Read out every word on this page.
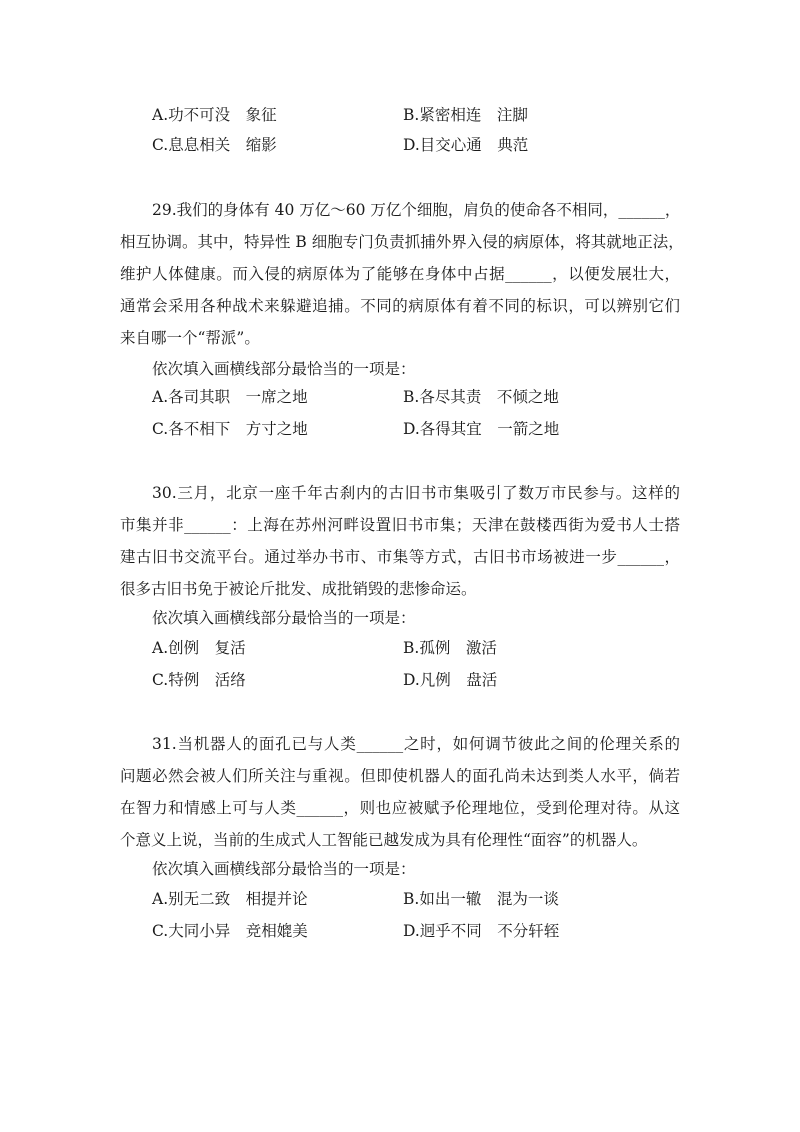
A.功不可没　象征	B.紧密相连　注脚
C.息息相关　缩影	D.目交心通　典范
29.我们的身体有 40 万亿～60 万亿个细胞，肩负的使命各不相同，______，
相互协调。其中，特异性 B 细胞专门负责抓捕外界入侵的病原体，将其就地正法，
维护人体健康。而入侵的病原体为了能够在身体中占据______，以便发展壮大，
通常会采用各种战术来躲避追捕。不同的病原体有着不同的标识，可以辨别它们
来自哪一个“帮派”。
依次填入画横线部分最恰当的一项是：
A.各司其职　一席之地	B.各尽其责　不倾之地
C.各不相下　方寸之地	D.各得其宜　一箭之地
30.三月，北京一座千年古刹内的古旧书市集吸引了数万市民参与。这样的
市集并非______：上海在苏州河畔设置旧书市集；天津在鼓楼西街为爱书人士搭
建古旧书交流平台。通过举办书市、市集等方式，古旧书市场被进一步______，
很多古旧书免于被论斤批发、成批销毁的悲惨命运。
依次填入画横线部分最恰当的一项是：
A.创例　复活	B.孤例　激活
C.特例　活络	D.凡例　盘活
31.当机器人的面孔已与人类______之时，如何调节彼此之间的伦理关系的
问题必然会被人们所关注与重视。但即使机器人的面孔尚未达到类人水平，倘若
在智力和情感上可与人类______，则也应被赋予伦理地位，受到伦理对待。从这
个意义上说，当前的生成式人工智能已越发成为具有伦理性“面容”的机器人。
依次填入画横线部分最恰当的一项是：
A.别无二致　相提并论	B.如出一辙　混为一谈
C.大同小异　竞相媲美	D.迥乎不同　不分轩轾
